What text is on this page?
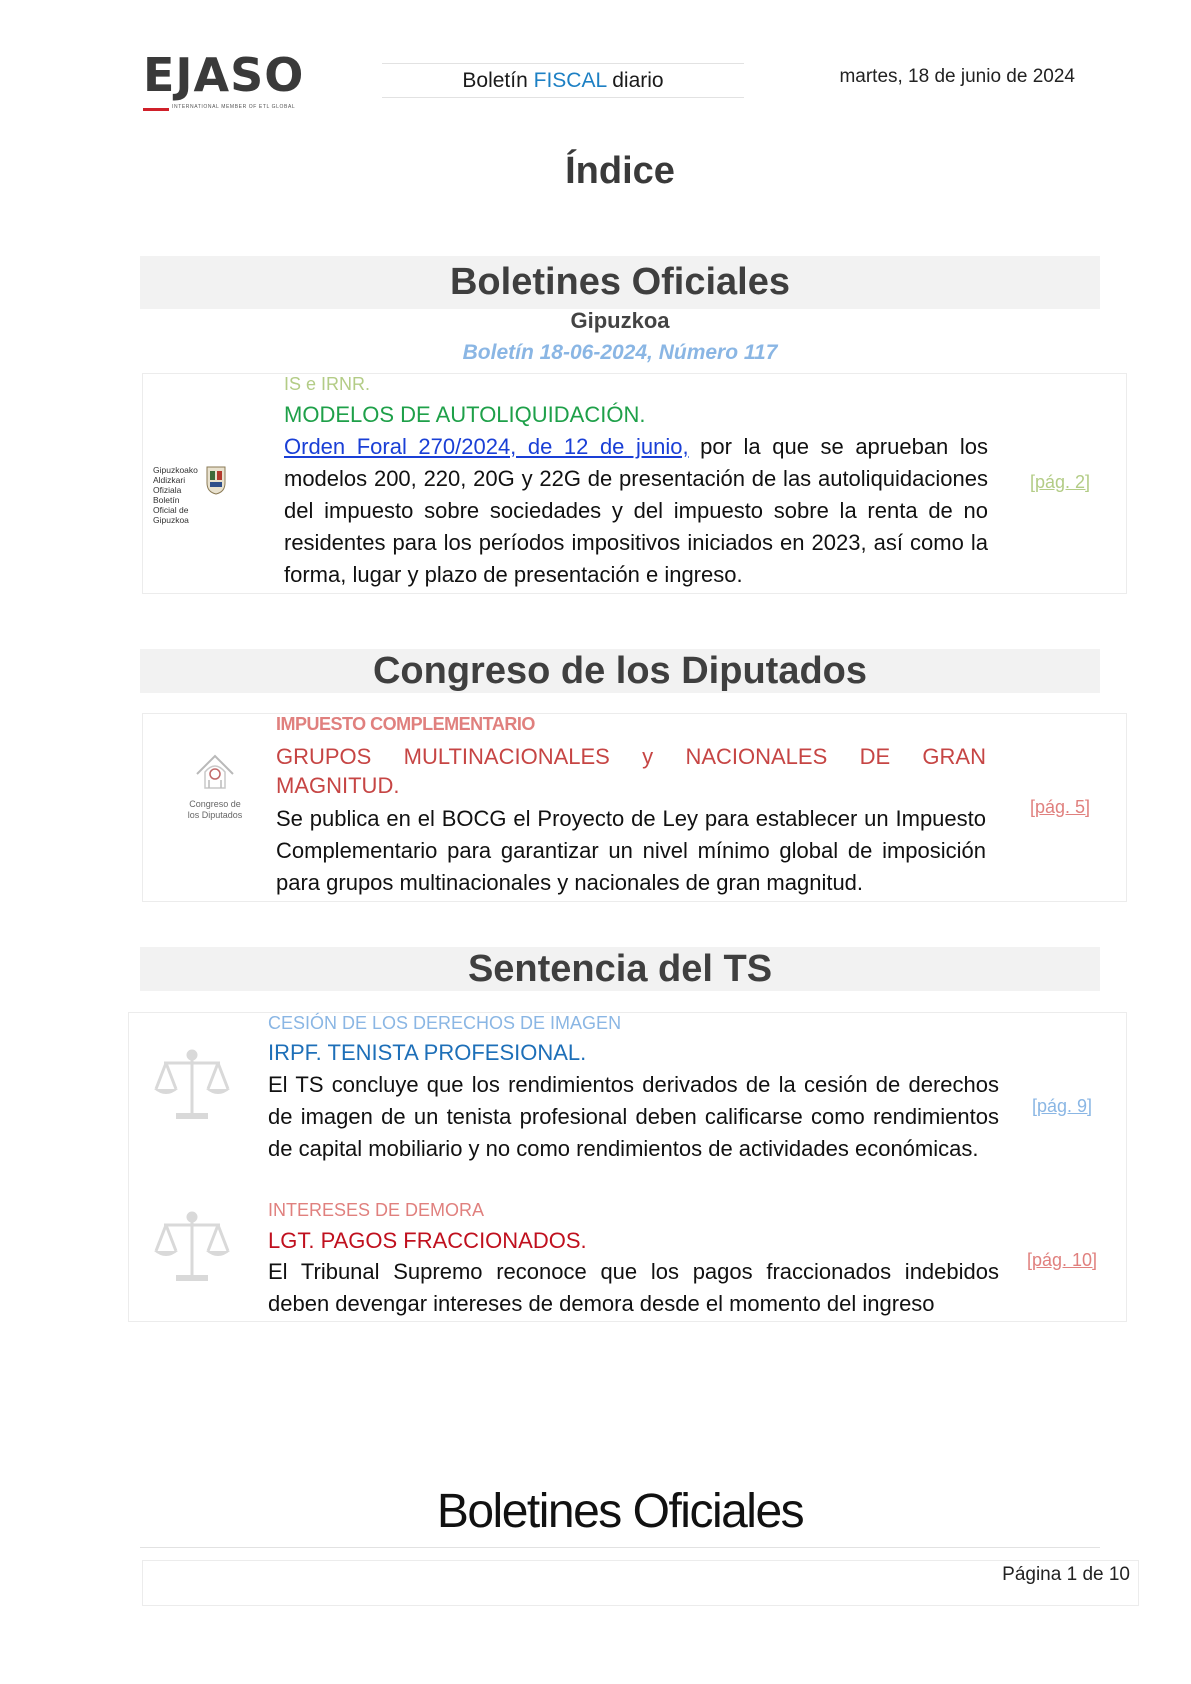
EJASO
INTERNATIONAL MEMBER OF ETL GLOBAL
Boletín FISCAL diario	martes, 18 de junio de 2024
Índice
Boletines Oficiales
Gipuzkoa
Boletín 18-06-2024, Número 117
Gipuzkoako
Aldizkari
Ofiziala  Boletín
Oficial de
Gipuzkoa
IS e IRNR.
MODELOS DE AUTOLIQUIDACIÓN.
Orden Foral 270/2024, de 12 de junio, por la que se aprueban los modelos 200, 220, 20G y 22G de presentación de las autoliquidaciones del impuesto sobre sociedades y del impuesto sobre la renta de no residentes para los períodos impositivos iniciados en 2023, así como la forma, lugar y plazo de presentación e ingreso.
[pág. 2]
Congreso de los Diputados
Congreso de
los Diputados
IMPUESTO COMPLEMENTARIO
GRUPOS MULTINACIONALES y NACIONALES DE GRAN
MAGNITUD.
Se publica en el BOCG el Proyecto de Ley para establecer un Impuesto Complementario para garantizar un nivel mínimo global de imposición para grupos multinacionales y nacionales de gran magnitud.
[pág. 5]
Sentencia del TS
CESIÓN DE LOS DERECHOS DE IMAGEN
IRPF. TENISTA PROFESIONAL.
El TS concluye que los rendimientos derivados de la cesión de derechos de imagen de un tenista profesional deben calificarse como rendimientos de capital mobiliario y no como rendimientos de actividades económicas.
[pág. 9]
INTERESES DE DEMORA
LGT. PAGOS FRACCIONADOS.
El Tribunal Supremo reconoce que los pagos fraccionados indebidos deben devengar intereses de demora desde el momento del ingreso
[pág. 10]
Boletines Oficiales
Página 1 de 10
